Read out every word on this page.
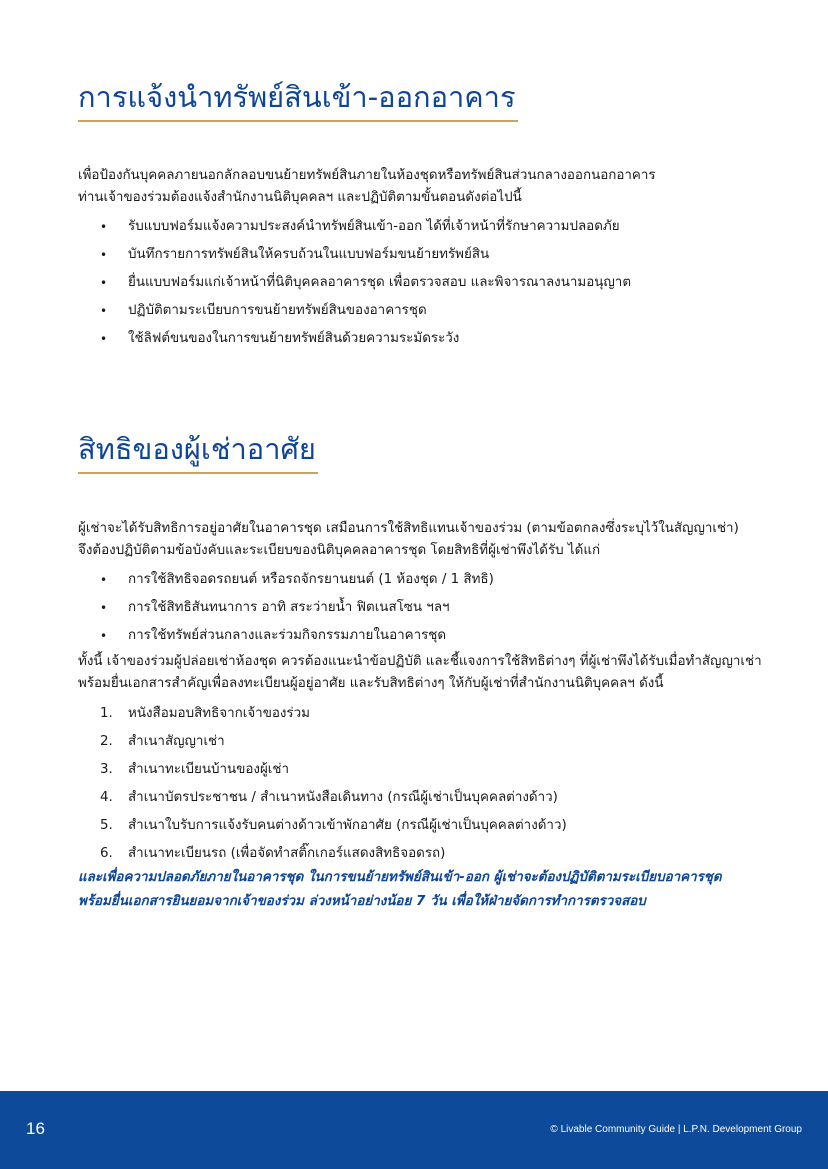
การแจ้งนำทรัพย์สินเข้า-ออกอาคาร

เพื่อป้องกันบุคคลภายนอกลักลอบขนย้ายทรัพย์สินภายในห้องชุดหรือทรัพย์สินส่วนกลางออกนอกอาคาร
ท่านเจ้าของร่วมต้องแจ้งสำนักงานนิติบุคคลฯ และปฏิบัติตามขั้นตอนดังต่อไปนี้

• รับแบบฟอร์มแจ้งความประสงค์นำทรัพย์สินเข้า-ออก ได้ที่เจ้าหน้าที่รักษาความปลอดภัย
• บันทึกรายการทรัพย์สินให้ครบถ้วนในแบบฟอร์มขนย้ายทรัพย์สิน
• ยื่นแบบฟอร์มแก่เจ้าหน้าที่นิติบุคคลอาคารชุด เพื่อตรวจสอบ และพิจารณาลงนามอนุญาต
• ปฏิบัติตามระเบียบการขนย้ายทรัพย์สินของอาคารชุด
• ใช้ลิฟต์ขนของในการขนย้ายทรัพย์สินด้วยความระมัดระวัง
สิทธิของผู้เช่าอาศัย

ผู้เช่าจะได้รับสิทธิการอยู่อาศัยในอาคารชุด เสมือนการใช้สิทธิแทนเจ้าของร่วม (ตามข้อตกลงซึ่งระบุไว้ในสัญญาเช่า)
จึงต้องปฏิบัติตามข้อบังคับและระเบียบของนิติบุคคลอาคารชุด โดยสิทธิที่ผู้เช่าพึงได้รับ ได้แก่

• การใช้สิทธิจอดรถยนต์ หรือรถจักรยานยนต์ (1 ห้องชุด / 1 สิทธิ)
• การใช้สิทธิสันทนาการ อาทิ สระว่ายน้ำ ฟิตเนสโซน ฯลฯ
• การใช้ทรัพย์ส่วนกลางและร่วมกิจกรรมภายในอาคารชุด

ทั้งนี้ เจ้าของร่วมผู้ปล่อยเช่าห้องชุด ควรต้องแนะนำข้อปฏิบัติ และชี้แจงการใช้สิทธิต่างๆ ที่ผู้เช่าพึงได้รับเมื่อทำสัญญาเช่า
พร้อมยื่นเอกสารสำคัญเพื่อลงทะเบียนผู้อยู่อาศัย และรับสิทธิต่างๆ ให้กับผู้เช่าที่สำนักงานนิติบุคคลฯ ดังนี้

1. หนังสือมอบสิทธิจากเจ้าของร่วม
2. สำเนาสัญญาเช่า
3. สำเนาทะเบียนบ้านของผู้เช่า
4. สำเนาบัตรประชาชน / สำเนาหนังสือเดินทาง (กรณีผู้เช่าเป็นบุคคลต่างด้าว)
5. สำเนาใบรับการแจ้งรับคนต่างด้าวเข้าพักอาศัย (กรณีผู้เช่าเป็นบุคคลต่างด้าว)
6. สำเนาทะเบียนรถ (เพื่อจัดทำสติ๊กเกอร์แสดงสิทธิจอดรถ)

และเพื่อความปลอดภัยภายในอาคารชุด ในการขนย้ายทรัพย์สินเข้า-ออก ผู้เช่าจะต้องปฏิบัติตามระเบียบอาคารชุด
พร้อมยื่นเอกสารยินยอมจากเจ้าของร่วม ล่วงหน้าอย่างน้อย 7 วัน เพื่อให้ฝ่ายจัดการทำการตรวจสอบ

16	© Livable Community Guide | L.P.N. Development Group
